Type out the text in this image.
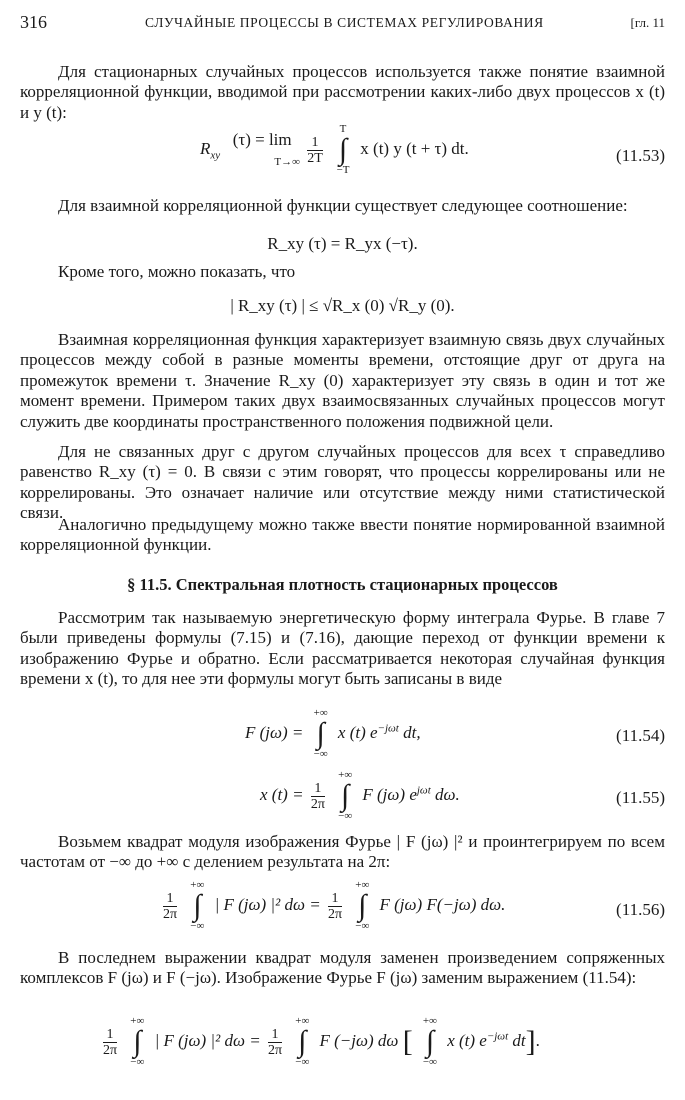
316	СЛУЧАЙНЫЕ ПРОЦЕССЫ В СИСТЕМАХ РЕГУЛИРОВАНИЯ	[гл. 11

Для стационарных случайных процессов используется также понятие взаимной корреляционной функции, вводимой при рассмотрении каких-либо двух процессов x (t) и y (t):

$R_{xy}$ (τ) = lim
$T\to\infty \frac{1}{2T}$

T
∫
−T
x (t) y (t + τ) dt.	(11.53)

Для взаимной корреляционной функции существует следующее соотношение:

R_xy (τ) = R_yx (−τ).

Кроме того, можно показать, что

| R_xy (τ) | ≤ √R_x (0) √R_y (0).

Взаимная корреляционная функция характеризует взаимную связь двух случайных процессов между собой в разные моменты времени, отстоящие друг от друга на промежуток времени τ. Значение R_xy (0) характеризует эту связь в один и тот же момент времени. Примером таких двух взаимосвязанных случайных процессов могут служить две координаты пространственного положения подвижной цели.

Для не связанных друг с другом случайных процессов для всех τ справедливо равенство R_xy (τ) = 0. В связи с этим говорят, что процессы коррелированы или не коррелированы. Это означает наличие или отсутствие между ними статистической связи.

Аналогично предыдущему можно также ввести понятие нормированной взаимной корреляционной функции.

§ 11.5. Спектральная плотность стационарных процессов

Рассмотрим так называемую энергетическую форму интеграла Фурье. В главе 7 были приведены формулы (7.15) и (7.16), дающие переход от функции времени к изображению Фурье и обратно. Если рассматривается некоторая случайная функция времени x (t), то для нее эти формулы могут быть записаны в виде

F (jω) =
+∞
∫
−∞
x (t) $e^{-j\omega t}$ dt,	(11.54)
x $(t) = \frac{1}{2\pi}$

+∞
∫
−∞
F (jω) $e^{j\omega t}$ dω.	(11.55)

Возьмем квадрат модуля изображения Фурье | F (jω) |² и проинтегрируем по всем частотам от −∞ до +∞ с делением результата на 2π:

$\frac{1}{2\pi}$

+∞
∫
−∞
| F (jω) |² $d\omega = \frac{1}{2\pi}$

+∞
∫
−∞
F (jω) F(−jω) dω.	(11.56)

В последнем выражении квадрат модуля заменен произведением сопряженных комплексов F (jω) и F (−jω). Изображение Фурье F (jω) заменим выражением (11.54):

$\frac{1}{2\pi}$

+∞
∫
−∞
| F (jω) |² $d\omega = \frac{1}{2\pi}$

+∞
∫
−∞
F (−jω) dω [
+∞
∫
−∞
x (t) $e^{-j\omega t}$ dt].
